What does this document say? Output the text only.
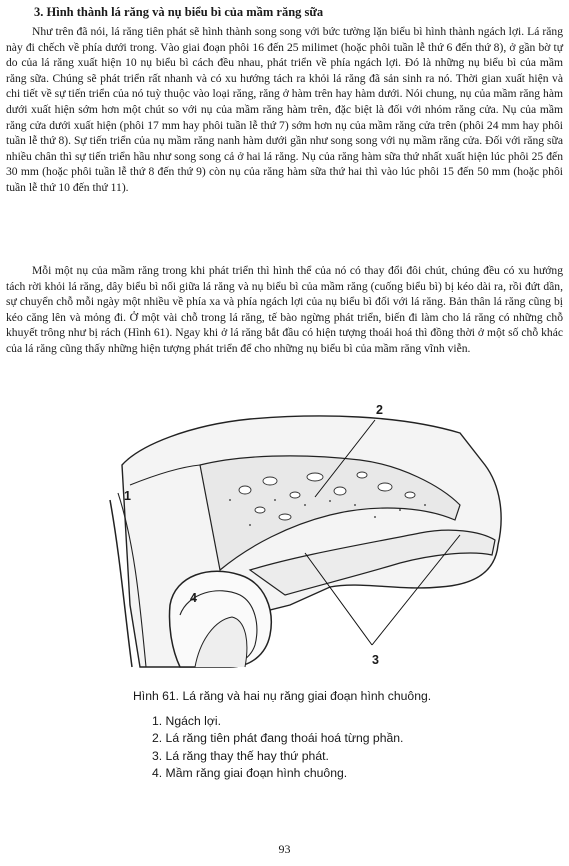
3. Hình thành lá răng và nụ biểu bì của mầm răng sữa

Như trên đã nói, lá răng tiên phát sẽ hình thành song song với bức tường lặn biểu bì hình thành ngách lợi. Lá răng này đi chếch về phía dưới trong. Vào giai đoạn phôi 16 đến 25 milimet (hoặc phôi tuần lễ thứ 6 đến thứ 8), ở gần bờ tự do của lá răng xuất hiện 10 nụ biểu bì cách đều nhau, phát triển về phía ngách lợi. Đó là những nụ biểu bì của mầm răng sữa. Chúng sẽ phát triển rất nhanh và có xu hướng tách ra khỏi lá răng đã sản sinh ra nó. Thời gian xuất hiện và chi tiết về sự tiến triển của nó tuỳ thuộc vào loại răng, răng ở hàm trên hay hàm dưới. Nói chung, nụ của mầm răng hàm dưới xuất hiện sớm hơn một chút so với nụ của mầm răng hàm trên, đặc biệt là đối với nhóm răng cửa. Nụ của mầm răng cửa dưới xuất hiện (phôi 17 mm hay phôi tuần lễ thứ 7) sớm hơn nụ của mầm răng cửa trên (phôi 24 mm hay phôi tuần lễ thứ 8). Sự tiến triển của nụ mầm răng nanh hàm dưới gần như song song với nụ mầm răng cửa. Đối với răng sữa nhiều chân thì sự tiến triển hầu như song song cả ở hai lá răng. Nụ của răng hàm sữa thứ nhất xuất hiện lúc phôi 25 đến 30 mm (hoặc phôi tuần lễ thứ 8 đến thứ 9) còn nụ của răng hàm sữa thứ hai thì vào lúc phôi 15 đến 50 mm (hoặc phôi tuần lễ thứ 10 đến thứ 11).

Mỗi một nụ của mầm răng trong khi phát triển thì hình thể của nó có thay đổi đôi chút, chúng đều có xu hướng tách rời khỏi lá răng, dây biểu bì nối giữa lá răng và nụ biểu bì của mầm răng (cuống biểu bì) bị kéo dài ra, rồi đứt dần, sự chuyển chỗ mỗi ngày một nhiều về phía xa và phía ngách lợi của nụ biểu bì đối với lá răng. Bản thân lá răng cũng bị kéo căng lên và mỏng đi. Ở một vài chỗ trong lá răng, tế bào ngừng phát triển, biến đi làm cho lá răng có những chỗ khuyết trông như bị rách (Hình 61). Ngay khi ở lá răng bắt đầu có hiện tượng thoái hoá thì đồng thời ở một số chỗ khác của lá răng cũng thấy những hiện tượng phát triển để cho những nụ biểu bì của mầm răng vĩnh viễn.

2
1
4
3

Hình 61. Lá răng và hai nụ răng giai đoạn hình chuông.

1. Ngách lợi.
2. Lá răng tiên phát đang thoái hoá từng phần.
3. Lá răng thay thế hay thứ phát.
4. Mầm răng giai đoạn hình chuông.

93
